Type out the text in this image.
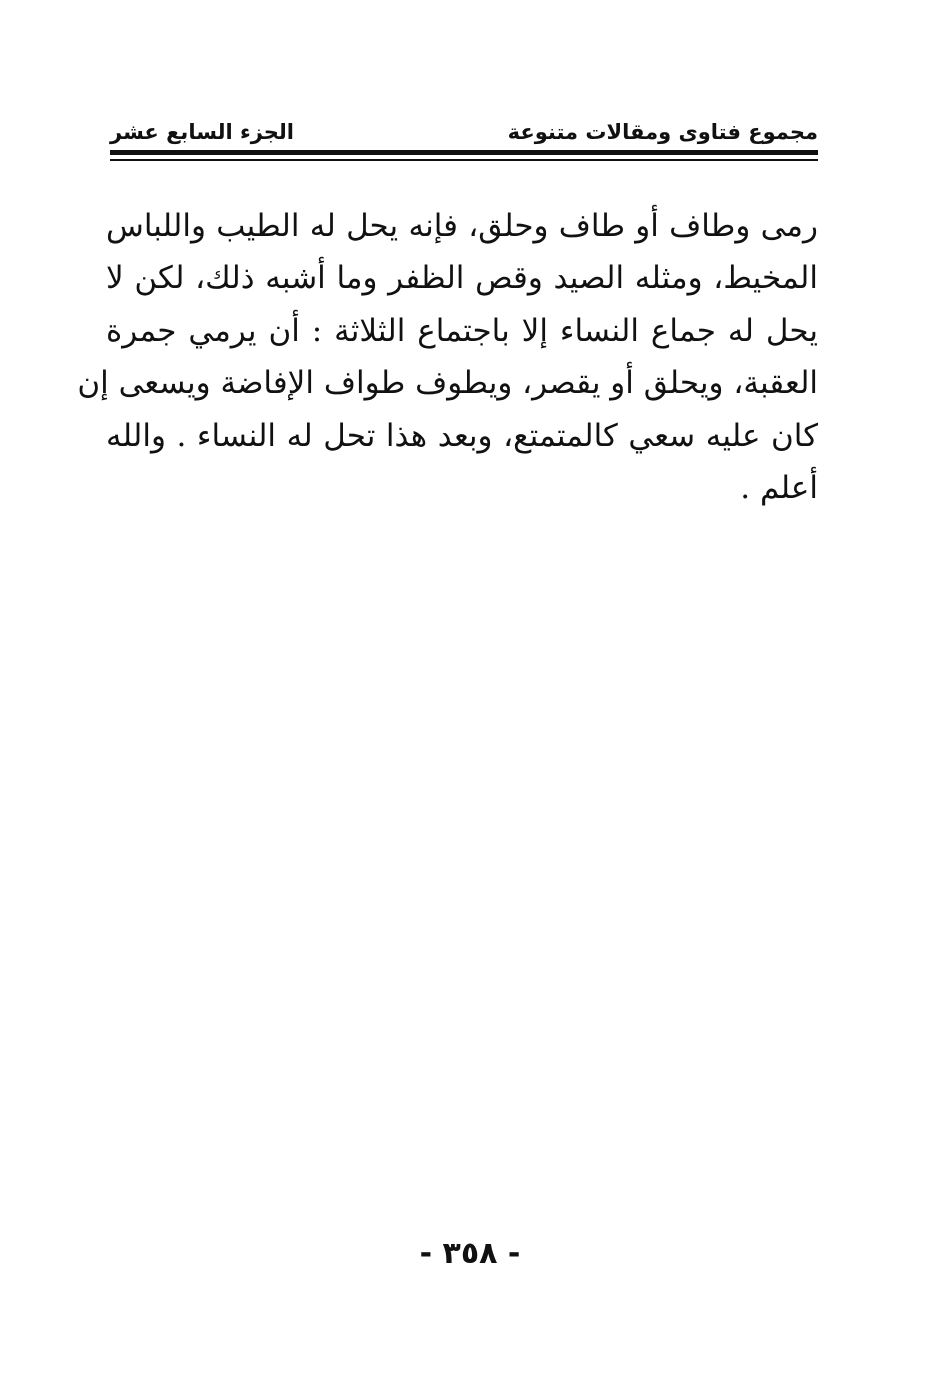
مجموع فتاوى ومقالات متنوعة
الجزء السابع عشر
رمى وطاف أو طاف وحلق، فإنه يحل له الطيب واللباس
المخيط، ومثله الصيد وقص الظفر وما أشبه ذلك، لكن لا
يحل له جماع النساء إلا باجتماع الثلاثة : أن يرمي جمرة
العقبة، ويحلق أو يقصر، ويطوف طواف الإفاضة ويسعى إن
كان عليه سعي كالمتمتع، وبعد هذا تحل له النساء . والله
أعلم .
- ٣٥٨ -
